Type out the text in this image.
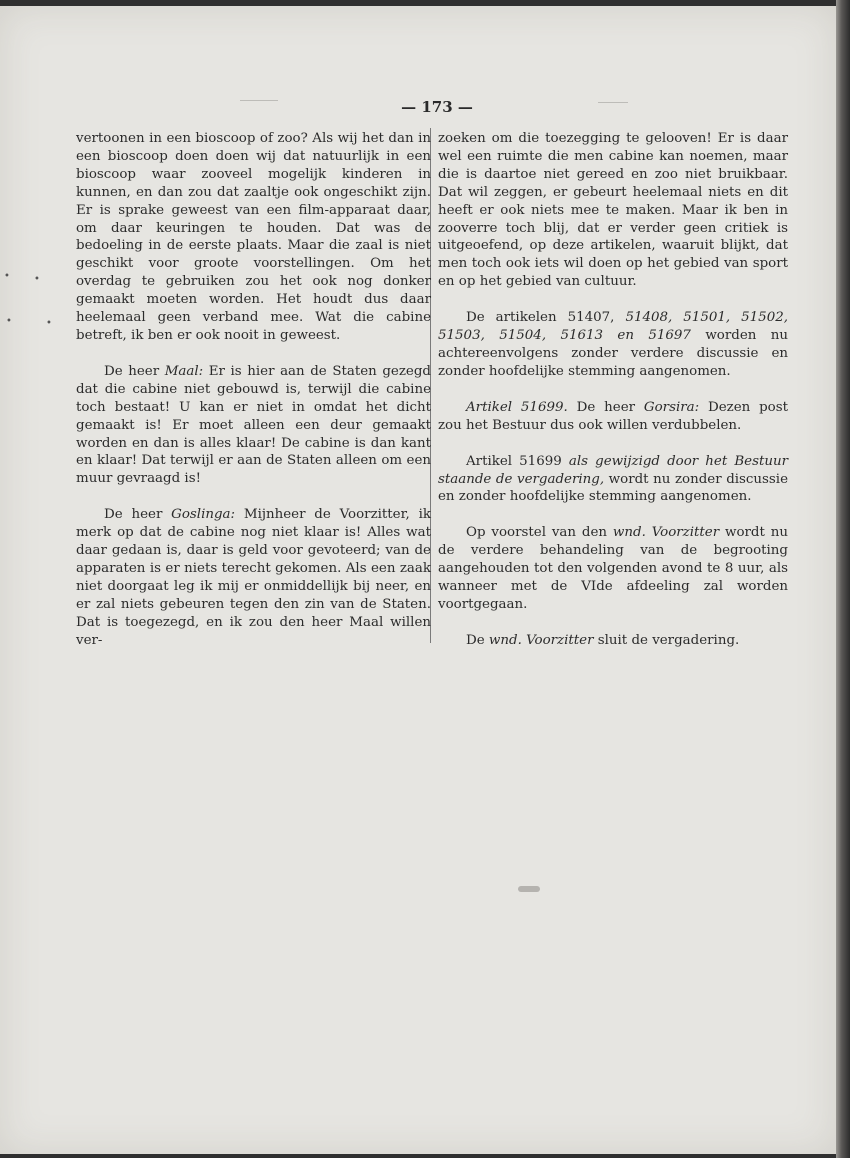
• •
•	•
— 173 —

vertoonen in een bioscoop of zoo? Als wij het dan in een bioscoop doen doen wij dat natuurlijk in een bioscoop waar zooveel mogelijk kinderen in kunnen, en dan zou dat zaaltje ook ongeschikt zijn. Er is sprake geweest van een film-apparaat daar, om daar keuringen te houden. Dat was de bedoeling in de eerste plaats. Maar die zaal is niet geschikt voor groote voorstellingen. Om het overdag te gebruiken zou het ook nog donker gemaakt moeten worden. Het houdt dus daar heelemaal geen verband mee. Wat die cabine betreft, ik ben er ook nooit in geweest.

De heer Maal: Er is hier aan de Staten gezegd dat die cabine niet gebouwd is, terwijl die cabine toch bestaat! U kan er niet in omdat het dicht gemaakt is! Er moet alleen een deur gemaakt worden en dan is alles klaar! De cabine is dan kant en klaar! Dat terwijl er aan de Staten alleen om een muur gevraagd is!

De heer Goslinga: Mijnheer de Voorzitter, ik merk op dat de cabine nog niet klaar is! Alles wat daar gedaan is, daar is geld voor gevoteerd; van de apparaten is er niets terecht gekomen. Als een zaak niet doorgaat leg ik mij er onmiddellijk bij neer, en er zal niets gebeuren tegen den zin van de Staten. Dat is toegezegd, en ik zou den heer Maal willen ver-

zoeken om die toezegging te gelooven! Er is daar wel een ruimte die men cabine kan noemen, maar die is daartoe niet gereed en zoo niet bruikbaar. Dat wil zeggen, er gebeurt heelemaal niets en dit heeft er ook niets mee te maken. Maar ik ben in zooverre toch blij, dat er verder geen critiek is uitgeoefend, op deze artikelen, waaruit blijkt, dat men toch ook iets wil doen op het gebied van sport en op het gebied van cultuur.

De artikelen 51407, 51408, 51501, 51502, 51503, 51504, 51613 en 51697 worden nu achtereenvolgens zonder verdere discussie en zonder hoofdelijke stemming aangenomen.

Artikel 51699. De heer Gorsira: Dezen post zou het Bestuur dus ook willen verdubbelen.

Artikel 51699 als gewijzigd door het Bestuur staande de vergadering, wordt nu zonder discussie en zonder hoofdelijke stemming aangenomen.

Op voorstel van den wnd. Voorzitter wordt nu de verdere behandeling van de begrooting aangehouden tot den volgenden avond te 8 uur, als wanneer met de VIde afdeeling zal worden voortgegaan.

De wnd. Voorzitter sluit de vergadering.
